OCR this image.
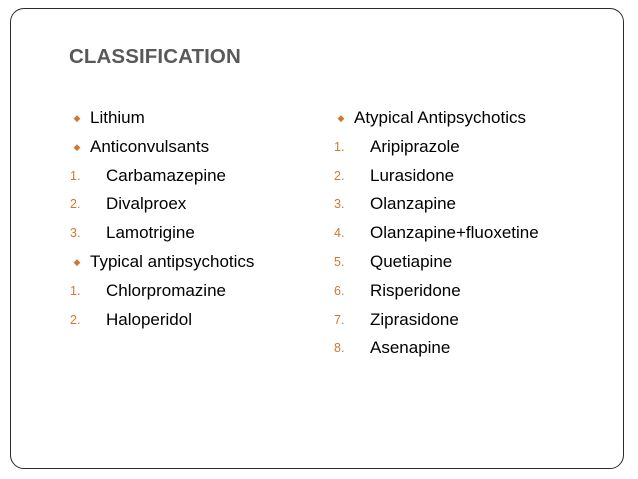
CLASSIFICATION
◆ Lithium
◆ Anticonvulsants
1. Carbamazepine
2. Divalproex
3. Lamotrigine
◆ Typical antipsychotics
1. Chlorpromazine
2. Haloperidol
◆ Atypical Antipsychotics
1. Aripiprazole
2. Lurasidone
3. Olanzapine
4. Olanzapine+fluoxetine
5. Quetiapine
6. Risperidone
7. Ziprasidone
8. Asenapine
